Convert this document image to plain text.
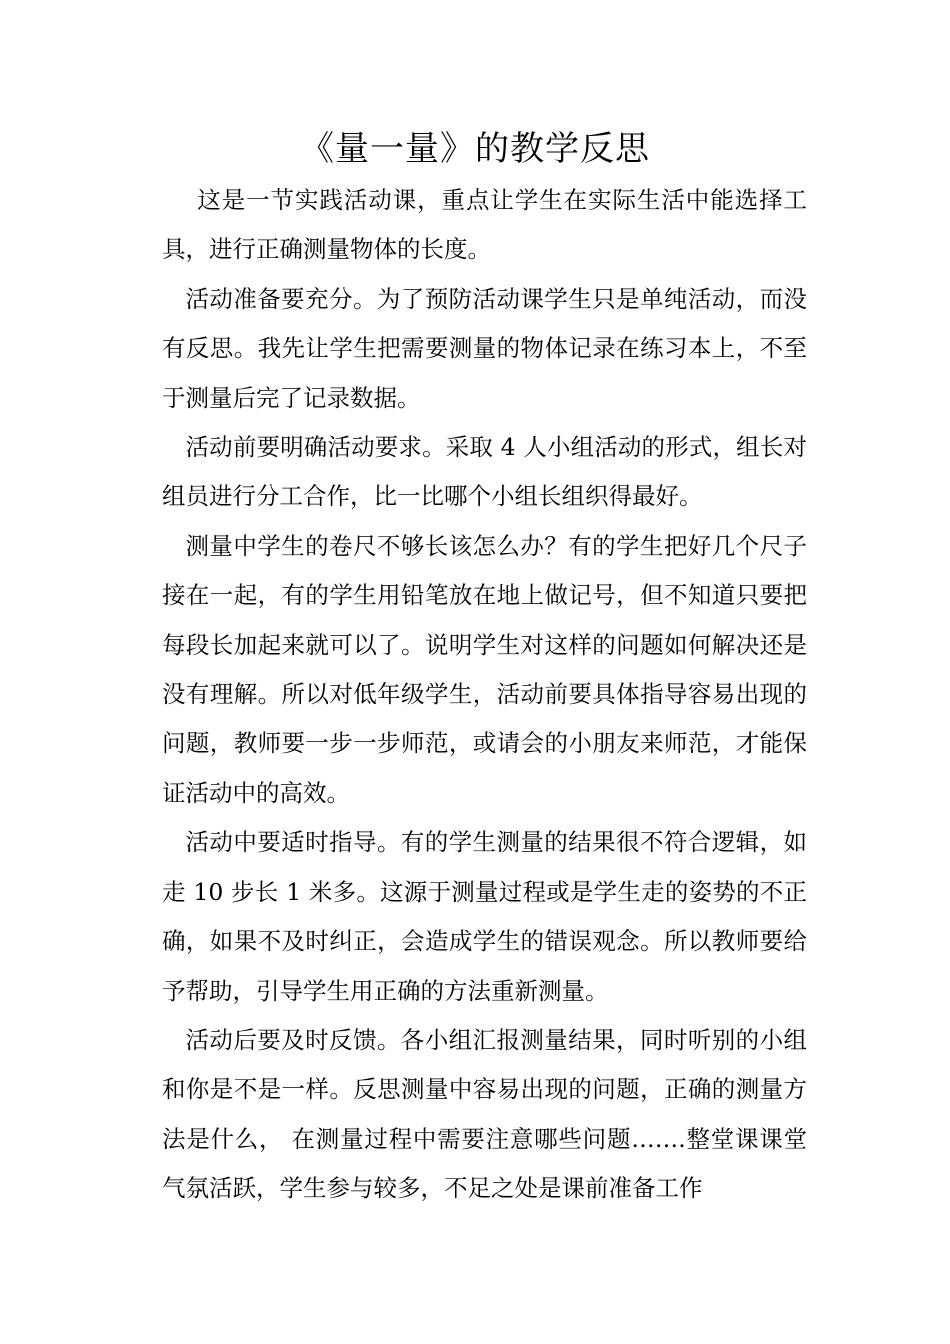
《量一量》的教学反思

这是一节实践活动课，重点让学生在实际生活中能选择工具，进行正确测量物体的长度。

活动准备要充分。为了预防活动课学生只是单纯活动，而没有反思。我先让学生把需要测量的物体记录在练习本上，不至于测量后完了记录数据。

活动前要明确活动要求。采取 4 人小组活动的形式，组长对组员进行分工合作，比一比哪个小组长组织得最好。

测量中学生的卷尺不够长该怎么办？有的学生把好几个尺子接在一起，有的学生用铅笔放在地上做记号，但不知道只要把每段长加起来就可以了。说明学生对这样的问题如何解决还是没有理解。所以对低年级学生，活动前要具体指导容易出现的问题，教师要一步一步师范，或请会的小朋友来师范，才能保证活动中的高效。

活动中要适时指导。有的学生测量的结果很不符合逻辑，如走 10 步长 1 米多。这源于测量过程或是学生走的姿势的不正确，如果不及时纠正，会造成学生的错误观念。所以教师要给予帮助，引导学生用正确的方法重新测量。

活动后要及时反馈。各小组汇报测量结果，同时听别的小组和你是不是一样。反思测量中容易出现的问题，正确的测量方法是什么， 在测量过程中需要注意哪些问题…….整堂课课堂气氛活跃，学生参与较多，不足之处是课前准备工作
